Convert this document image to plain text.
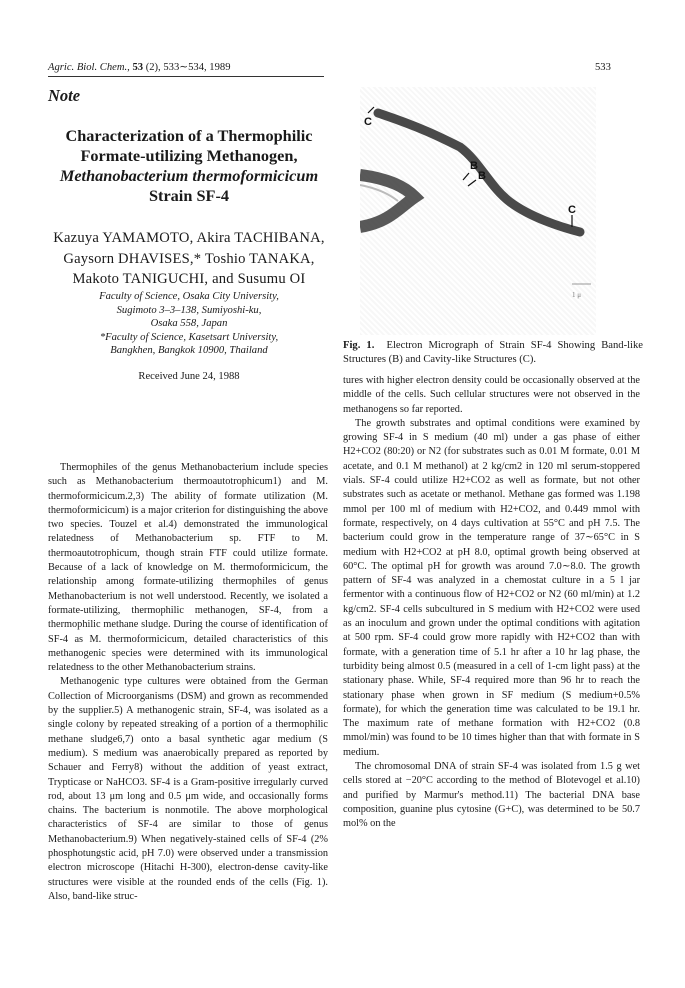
Agric. Biol. Chem., 53 (2), 533∼534, 1989	533
Note
Characterization of a Thermophilic
Formate-utilizing Methanogen,
Methanobacterium thermoformicicum
Strain SF-4
Kazuya YAMAMOTO, Akira TACHIBANA,
Gaysorn DHAVISES,* Toshio TANAKA,
Makoto TANIGUCHI, and Susumu OI
Faculty of Science, Osaka City University,
Sugimoto 3–3–138, Sumiyoshi-ku,
Osaka 558, Japan
*Faculty of Science, Kasetsart University,
Bangkhen, Bangkok 10900, Thailand
Received June 24, 1988
C
B
B
C
1 μ
Fig. 1. Electron Micrograph of Strain SF-4 Showing Band-like Structures (B) and Cavity-like Structures (C).

Thermophiles of the genus Methanobacterium include species such as Methanobacterium thermoautotrophicum1) and M. thermoformicicum.2,3) The ability of formate utilization (M. thermoformicicum) is a major criterion for distinguishing the above two species. Touzel et al.4) demonstrated the immunological relatedness of Methanobacterium sp. FTF to M. thermoautotrophicum, though strain FTF could utilize formate. Because of a lack of knowledge on M. thermoformicicum, the relationship among formate-utilizing thermophiles of genus Methanobacterium is not well understood. Recently, we isolated a formate-utilizing, thermophilic methanogen, SF-4, from a thermophilic methane sludge. During the course of identification of SF-4 as M. thermoformicicum, detailed characteristics of this methanogenic species were determined with its immunological relatedness to the other Methanobacterium strains.

Methanogenic type cultures were obtained from the German Collection of Microorganisms (DSM) and grown as recommended by the supplier.5) A methanogenic strain, SF-4, was isolated as a single colony by repeated streaking of a portion of a thermophilic methane sludge6,7) onto a basal synthetic agar medium (S medium). S medium was anaerobically prepared as reported by Schauer and Ferry8) without the addition of yeast extract, Trypticase or NaHCO3. SF-4 is a Gram-positive irregularly curved rod, about 13 μm long and 0.5 μm wide, and occasionally forms chains. The bacterium is nonmotile. The above morphological characteristics of SF-4 are similar to those of genus Methanobacterium.9) When negatively-stained cells of SF-4 (2% phosphotungstic acid, pH 7.0) were observed under a transmission electron microscope (Hitachi H-300), electron-dense cavity-like structures were visible at the rounded ends of the cells (Fig. 1). Also, band-like struc-

tures with higher electron density could be occasionally observed at the middle of the cells. Such cellular structures were not observed in the methanogens so far reported.

The growth substrates and optimal conditions were examined by growing SF-4 in S medium (40 ml) under a gas phase of either H2+CO2 (80:20) or N2 (for substrates such as 0.01 M formate, 0.01 M acetate, and 0.1 M methanol) at 2 kg/cm2 in 120 ml serum-stoppered vials. SF-4 could utilize H2+CO2 as well as formate, but not other substrates such as acetate or methanol. Methane gas formed was 1.198 mmol per 100 ml of medium with H2+CO2, and 0.449 mmol with formate, respectively, on 4 days cultivation at 55°C and pH 7.5. The bacterium could grow in the temperature range of 37∼65°C in S medium with H2+CO2 at pH 8.0, optimal growth being observed at 60°C. The optimal pH for growth was around 7.0∼8.0. The growth pattern of SF-4 was analyzed in a chemostat culture in a 5 l jar fermentor with a continuous flow of H2+CO2 or N2 (60 ml/min) at 1.2 kg/cm2. SF-4 cells subcultured in S medium with H2+CO2 were used as an inoculum and grown under the optimal conditions with agitation at 500 rpm. SF-4 could grow more rapidly with H2+CO2 than with formate, with a generation time of 5.1 hr after a 10 hr lag phase, the turbidity being almost 0.5 (measured in a cell of 1-cm light pass) at the stationary phase. While, SF-4 required more than 96 hr to reach the stationary phase when grown in SF medium (S medium+0.5% formate), for which the generation time was calculated to be 19.1 hr. The maximum rate of methane formation with H2+CO2 (0.8 mmol/min) was found to be 10 times higher than that with formate in S medium.

The chromosomal DNA of strain SF-4 was isolated from 1.5 g wet cells stored at −20°C according to the method of Blotevogel et al.10) and purified by Marmur's method.11) The bacterial DNA base composition, guanine plus cytosine (G+C), was determined to be 50.7 mol% on the
